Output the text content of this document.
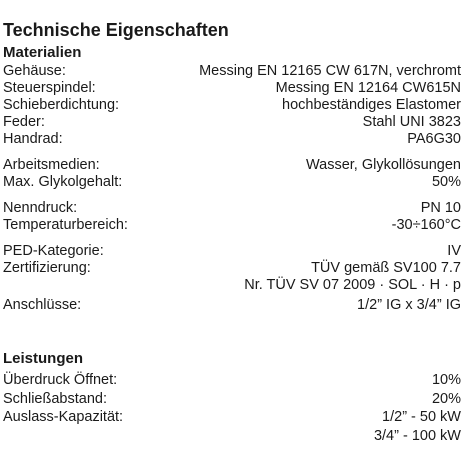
Technische Eigenschaften
Materialien
Gehäuse:	Messing EN 12165 CW 617N, verchromt
Steuerspindel:	Messing EN 12164 CW615N
Schieberdichtung:	hochbeständiges Elastomer
Feder:	Stahl UNI 3823
Handrad:	PA6G30
Arbeitsmedien:	Wasser, Glykollösungen
Max. Glykolgehalt:	50%
Nenndruck:	PN 10
Temperaturbereich:	-30÷160°C
PED-Kategorie:	IV
Zertifizierung:	TÜV gemäß SV100 7.7
Nr. TÜV SV 07 2009 · SOL · H · p
Anschlüsse:	1/2” IG x 3/4” IG
Leistungen
Überdruck Öffnet:	10%
Schließabstand:	20%
Auslass-Kapazität:	1/2” - 50 kW
3/4” - 100 kW
